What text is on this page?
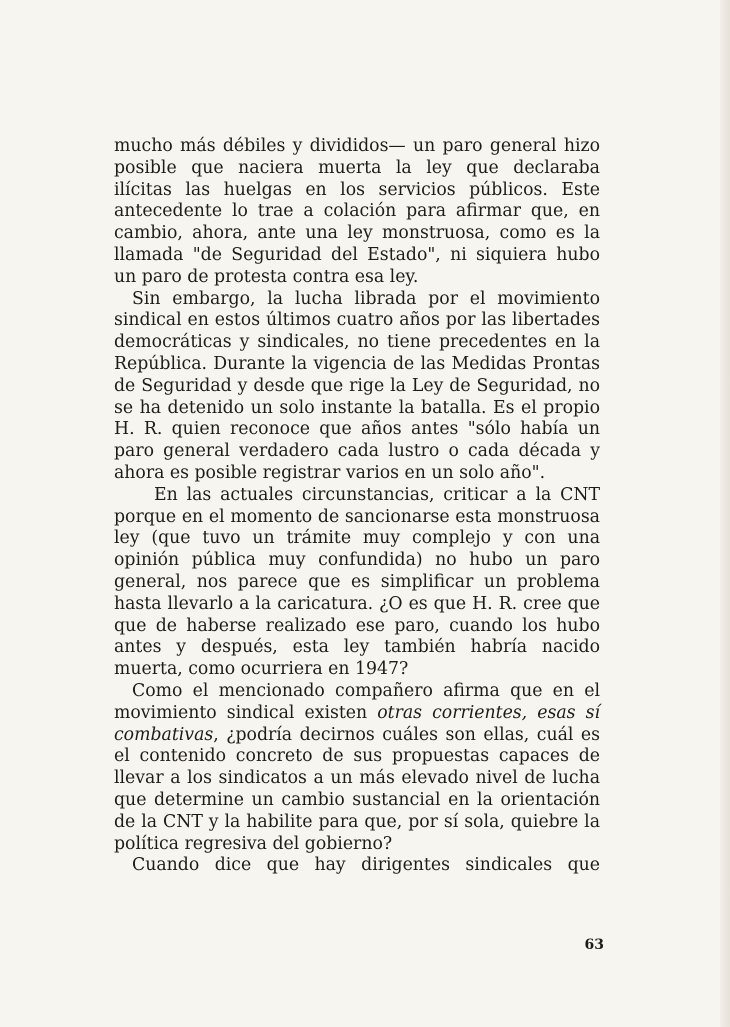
mucho más débiles y divididos— un paro general hizo posible que naciera muerta la ley que declaraba ilícitas las huelgas en los servicios públicos. Este antecedente lo trae a colación para afirmar que, en cambio, ahora, ante una ley monstruosa, como es la llamada "de Seguridad del Estado", ni siquiera hubo un paro de protesta contra esa ley.

Sin embargo, la lucha librada por el movimiento sindical en estos últimos cuatro años por las libertades democráticas y sindicales, no tiene precedentes en la República. Durante la vigencia de las Medidas Prontas de Seguridad y desde que rige la Ley de Seguridad, no se ha detenido un solo instante la batalla. Es el propio H. R. quien reconoce que años antes "sólo había un paro general verdadero cada lustro o cada década y ahora es posible registrar varios en un solo año".

En las actuales circunstancias, criticar a la CNT porque en el momento de sancionarse esta monstruosa ley (que tuvo un trámite muy complejo y con una opinión pública muy confundida) no hubo un paro general, nos parece que es simplificar un problema hasta llevarlo a la caricatura. ¿O es que H. R. cree que que de haberse realizado ese paro, cuando los hubo antes y después, esta ley también habría nacido muerta, como ocurriera en 1947?

Como el mencionado compañero afirma que en el movimiento sindical existen otras corrientes, esas sí combativas, ¿podría decirnos cuáles son ellas, cuál es el contenido concreto de sus propuestas capaces de llevar a los sindicatos a un más elevado nivel de lucha que determine un cambio sustancial en la orientación de la CNT y la habilite para que, por sí sola, quiebre la política regresiva del gobierno?

Cuando dice que hay dirigentes sindicales que

63
